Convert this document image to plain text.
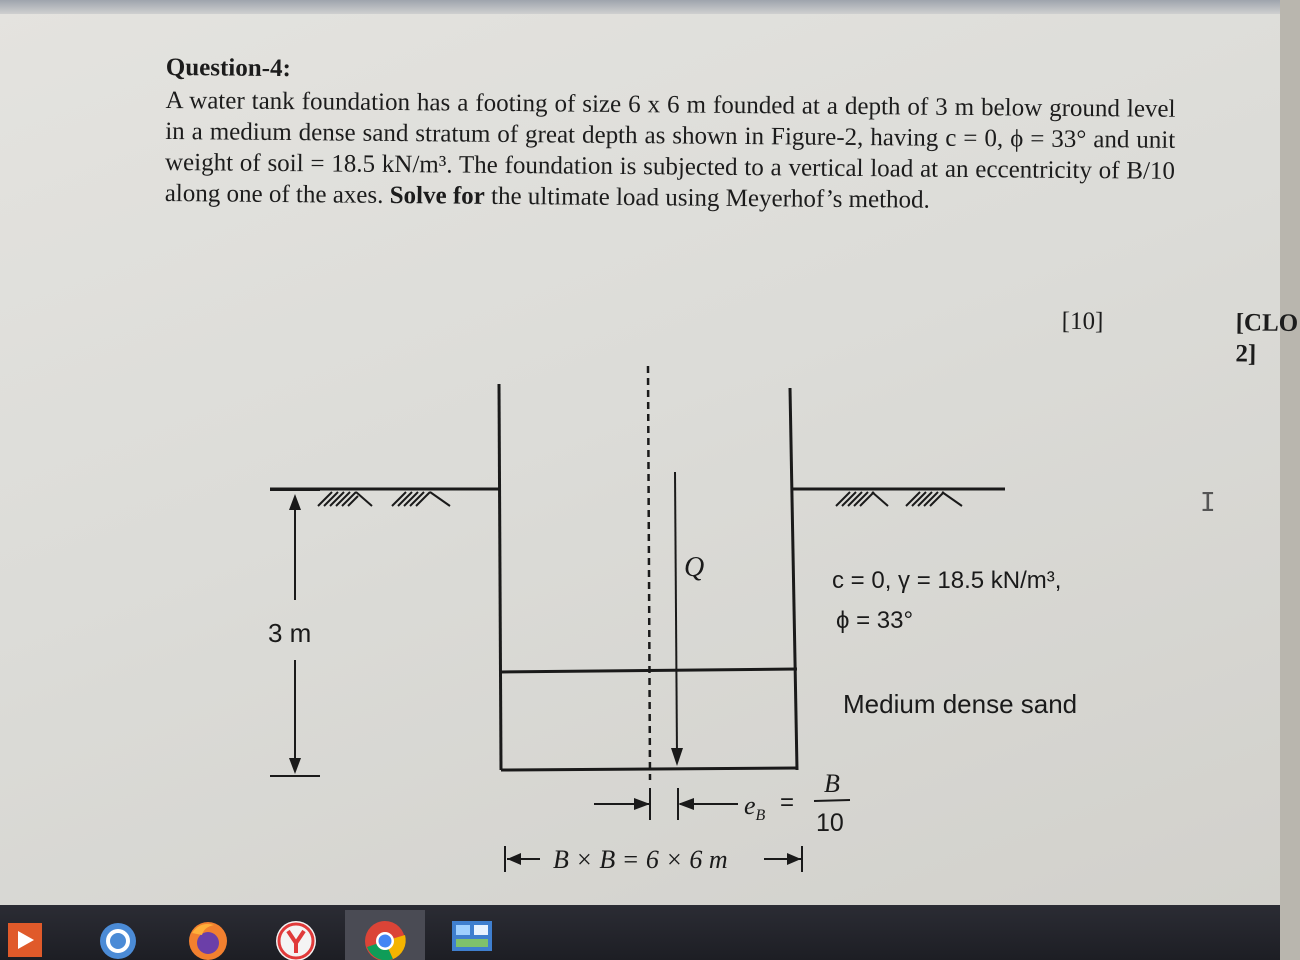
Question-4:
A water tank foundation has a footing of size 6 x 6 m founded at a depth of 3 m below ground level in a medium dense sand stratum of great depth as shown in Figure-2, having c = 0, ϕ = 33° and unit weight of soil = 18.5 kN/m³. The foundation is subjected to a vertical load at an eccentricity of B/10 along one of the axes. Solve for the ultimate load using Meyerhof’s method.
[10]	[CLO 2]
Q
3 m
c = 0, γ = 18.5 kN/m³,
ϕ = 33°
Medium dense sand
$e_B$ =
B
10
B × B = 6 × 6 m
I
